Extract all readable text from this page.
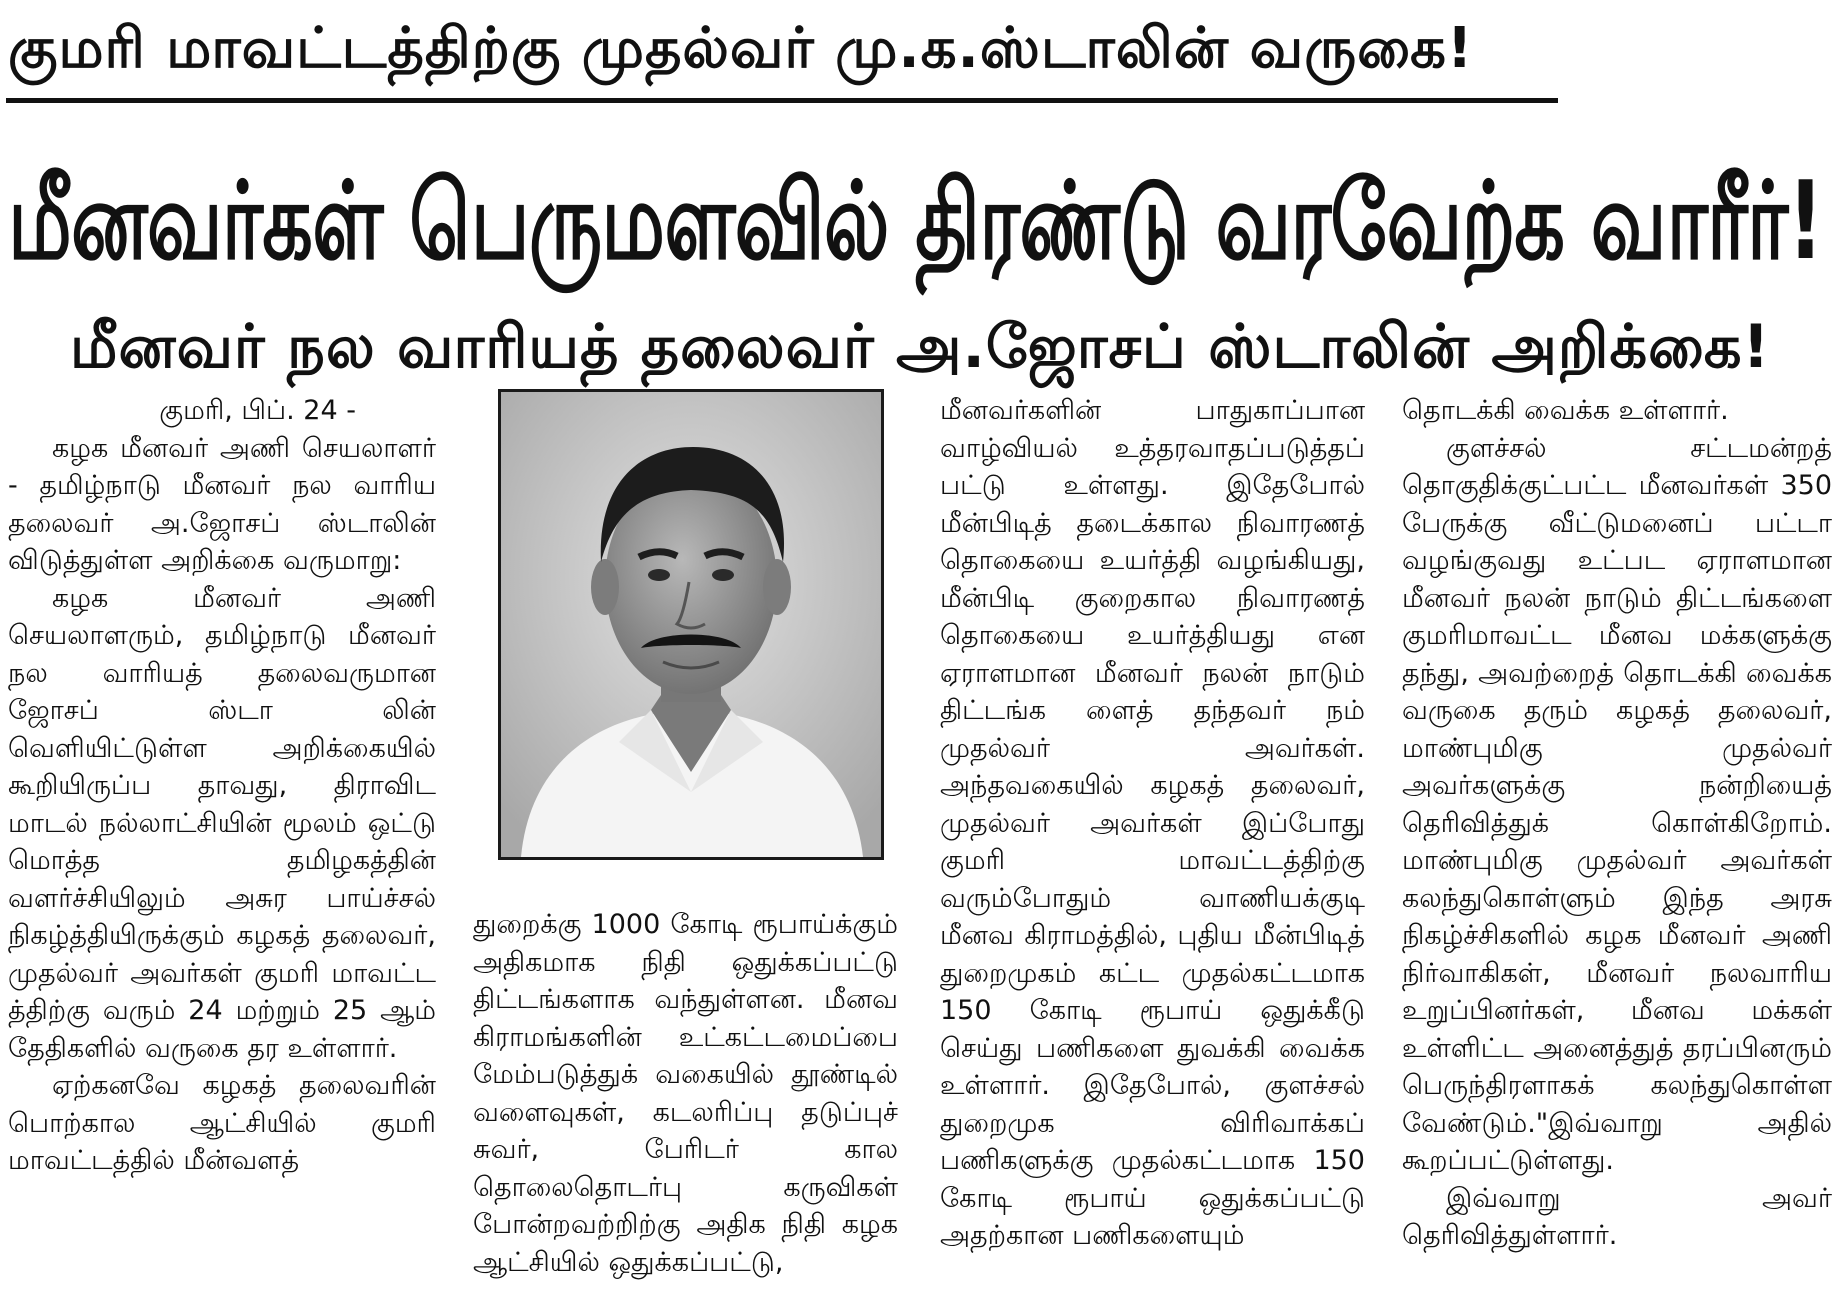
குமரி மாவட்டத்திற்கு முதல்வர் மு.க.ஸ்டாலின் வருகை!
மீனவர்கள் பெருமளவில் திரண்டு வரவேற்க வாரீர்!
மீனவர் நல வாரியத் தலைவர் அ.ஜோசப் ஸ்டாலின் அறிக்கை!

குமரி, பிப். 24 -

கழக மீனவர் அணி செயலாளர் - தமிழ்நாடு மீனவர் நல வாரிய தலைவர் அ.ஜோசப் ஸ்டாலின் விடுத்துள்ள அறிக்கை வருமாறு:

கழக மீனவர் அணி செயலாளரும், தமிழ்நாடு மீனவர் நல வாரியத் தலைவருமான ஜோசப் ஸ்டா லின் வெளியிட்டுள்ள அறிக்கையில் கூறியிருப்ப தாவது, திராவிட மாடல் நல்லாட்சியின் மூலம் ஒட்டு மொத்த தமிழகத்தின் வளர்ச்சியிலும் அசுர பாய்ச்சல் நிகழ்த்தியிருக்கும் கழகத் தலைவர், முதல்வர் அவர்கள் குமரி மாவட்ட த்திற்கு வரும் 24 மற்றும் 25 ஆம் தேதிகளில் வருகை தர உள்ளார்.

ஏற்கனவே கழகத் தலைவரின் பொற்கால ஆட்சியில் குமரி மாவட்டத்தில் மீன்வளத்

துறைக்கு 1000 கோடி ரூபாய்க்கும் அதிகமாக நிதி ஒதுக்கப்பட்டு திட்டங்களாக வந்துள்ளன. மீனவ கிராமங்களின் உட்கட்டமைப்பை மேம்படுத்துக் வகையில் தூண்டில் வளைவுகள், கடலரிப்பு தடுப்புச் சுவர், பேரிடர் கால தொலைதொடர்பு கருவிகள் போன்றவற்றிற்கு அதிக நிதி கழக ஆட்சியில் ஒதுக்கப்பட்டு,

மீனவர்களின் பாதுகாப்பான வாழ்வியல் உத்தரவாதப்படுத்தப் பட்டு உள்ளது. இதேபோல் மீன்பிடித் தடைக்கால நிவாரணத் தொகையை உயர்த்தி வழங்கியது, மீன்பிடி குறைகால நிவாரணத் தொகையை உயர்த்தியது என ஏராளமான மீனவர் நலன் நாடும் திட்டங்க ளைத் தந்தவர் நம் முதல்வர் அவர்கள். அந்தவகையில் கழகத் தலைவர், முதல்வர் அவர்கள் இப்போது குமரி மாவட்டத்திற்கு வரும்போதும் வாணியக்குடி மீனவ கிராமத்தில், புதிய மீன்பிடித் துறைமுகம் கட்ட முதல்கட்டமாக 150 கோடி ரூபாய் ஒதுக்கீடு செய்து பணிகளை துவக்கி வைக்க உள்ளார். இதேபோல், குளச்சல் துறைமுக விரிவாக்கப் பணிகளுக்கு முதல்கட்டமாக 150 கோடி ரூபாய் ஒதுக்கப்பட்டு அதற்கான பணிகளையும்

தொடக்கி வைக்க உள்ளார்.

குளச்சல் சட்டமன்றத் தொகுதிக்குட்பட்ட மீனவர்கள் 350 பேருக்கு வீட்டுமனைப் பட்டா வழங்குவது உட்பட ஏராளமான மீனவர் நலன் நாடும் திட்டங்களை குமரிமாவட்ட மீனவ மக்களுக்கு தந்து, அவற்றைத் தொடக்கி வைக்க வருகை தரும் கழகத் தலைவர், மாண்புமிகு முதல்வர் அவர்களுக்கு நன்றியைத் தெரிவித்துக் கொள்கிறோம். மாண்புமிகு முதல்வர் அவர்கள் கலந்துகொள்ளும் இந்த அரசு நிகழ்ச்சிகளில் கழக மீனவர் அணி நிர்வாகிகள், மீனவர் நலவாரிய உறுப்பினர்கள், மீனவ மக்கள் உள்ளிட்ட அனைத்துத் தரப்பினரும் பெருந்திரளாகக் கலந்துகொள்ள வேண்டும்."இவ்வாறு அதில் கூறப்பட்டுள்ளது.

இவ்வாறு அவர் தெரிவித்துள்ளார்.
